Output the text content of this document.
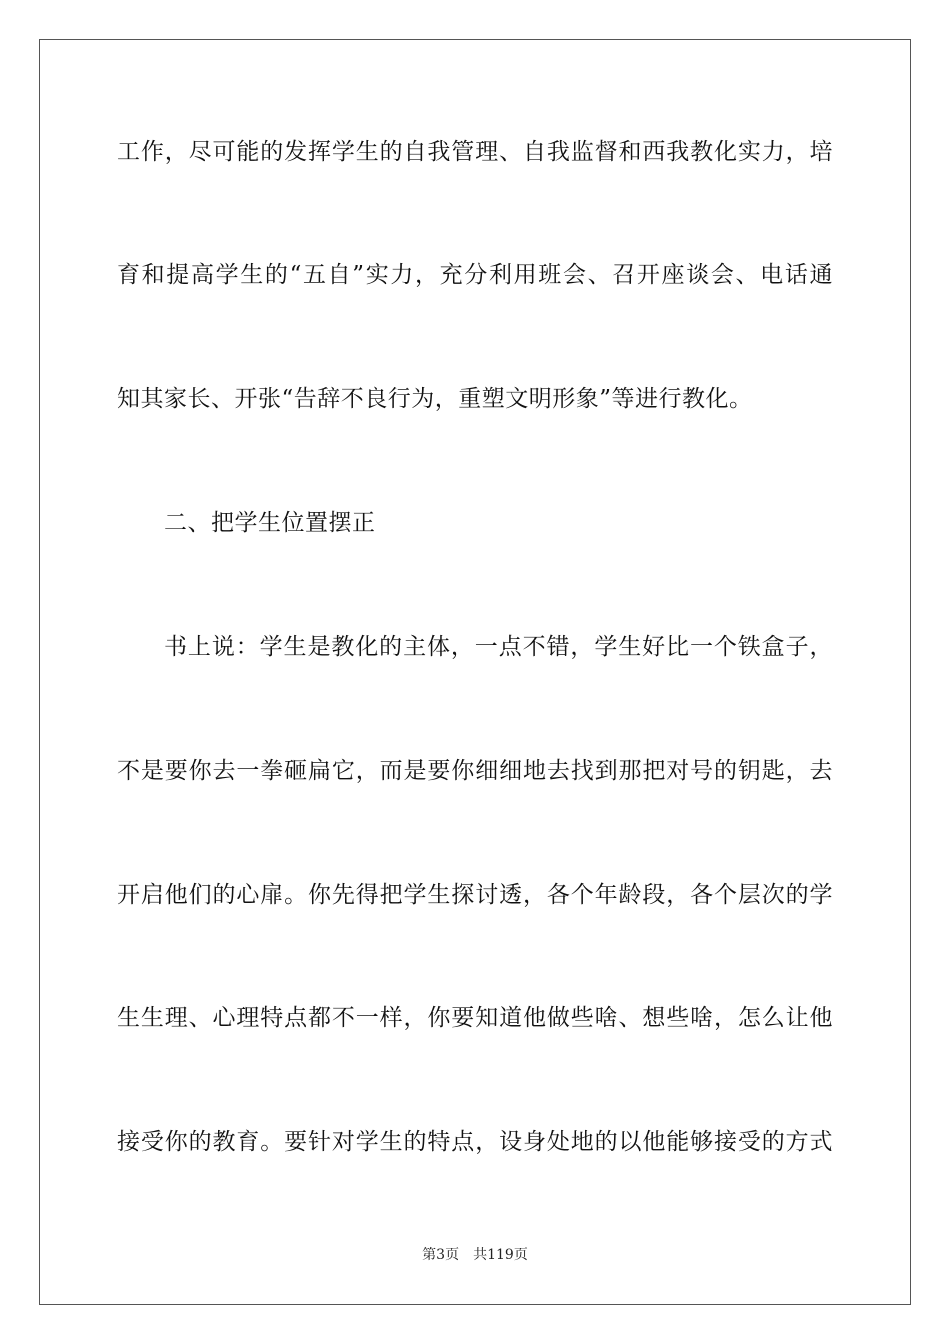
工作，尽可能的发挥学生的自我管理、自我监督和西我教化实力，培
育和提高学生的“五自”实力，充分利用班会、召开座谈会、电话通
知其家长、开张“告辞不良行为，重塑文明形象”等进行教化。
二、把学生位置摆正
书上说：学生是教化的主体，一点不错，学生好比一个铁盒子，
不是要你去一拳砸扁它，而是要你细细地去找到那把对号的钥匙，去
开启他们的心扉。你先得把学生探讨透，各个年龄段，各个层次的学
生生理、心理特点都不一样，你要知道他做些啥、想些啥，怎么让他
接受你的教育。要针对学生的特点，设身处地的以他能够接受的方式
第3页 共119页
